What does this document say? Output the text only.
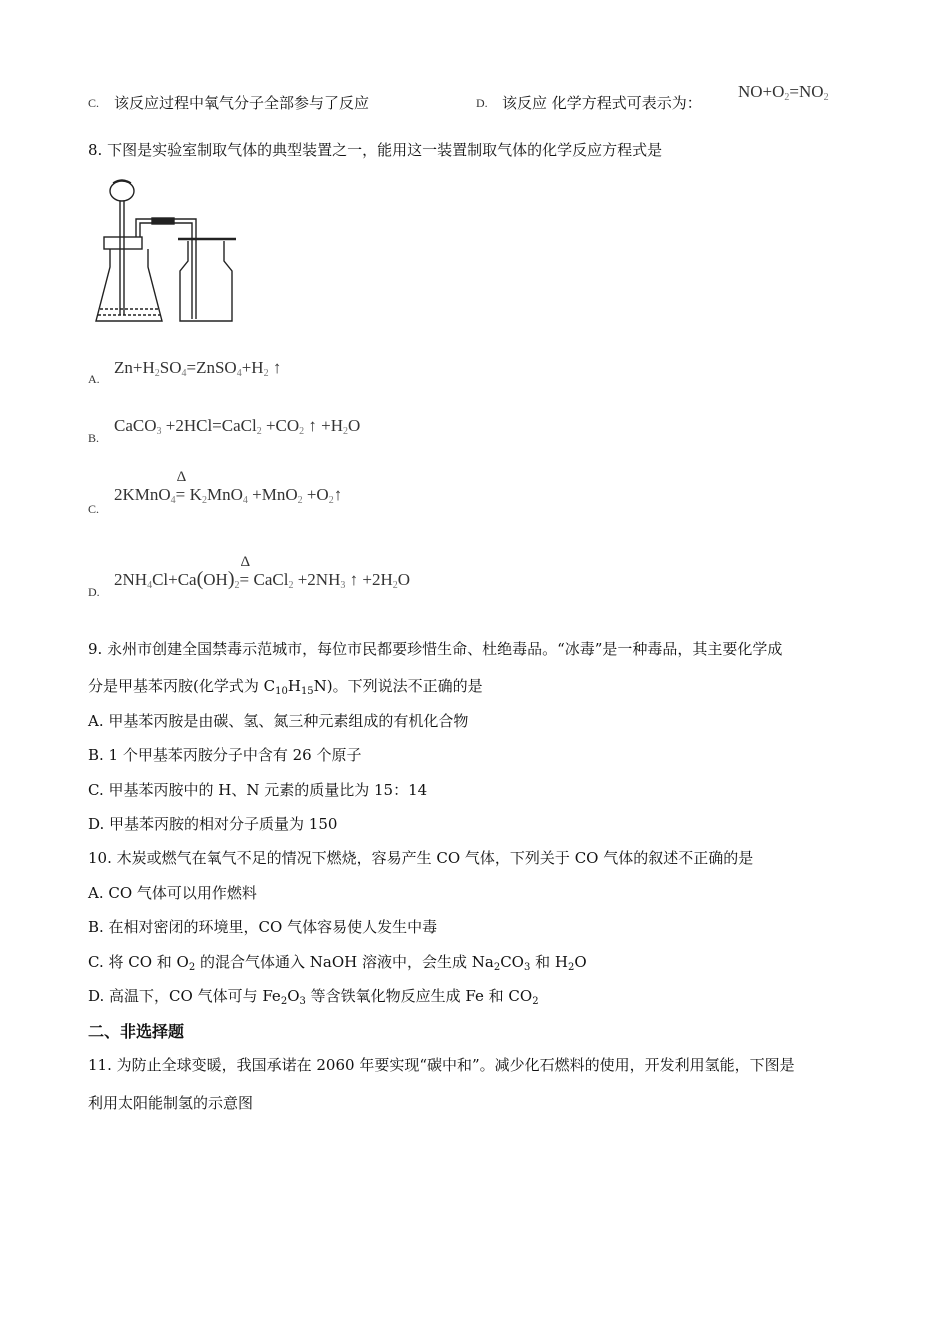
C. 该反应过程中氧气分子全部参与了反应	D. 该反应 化学方程式可表示为：
$NO+O_2=NO_2$
8. 下图是实验室制取气体的典型装置之一，能用这一装置制取气体的化学反应方程式是
A.
$Zn+H_2SO_4=ZnSO_4+H_2$ ↑
B.
CaCO$_3$ +2HCl=CaCl$_2$ $+CO_2$ ↑ $+H_2O$
C.
2KMnO$_4$
Δ
= $K_2MnO_4 +MnO_2$ $+O_2↑$
D.
$2NH_4Cl+Ca(OH)_2$
Δ
= CaCl$_2$ $+2NH_3$ ↑ $+2H_2O$
9. 永州市创建全国禁毒示范城市，每位市民都要珍惜生命、杜绝毒品。“冰毒”是一种毒品，其主要化学成
分是甲基苯丙胺(化学式为 $C_{10}H_{15}N$)。下列说法不正确的是
A. 甲基苯丙胺是由碳、氢、氮三种元素组成的有机化合物
B. 1 个甲基苯丙胺分子中含有 26 个原子
C. 甲基苯丙胺中的 H、N 元素的质量比为 15：14
D. 甲基苯丙胺的相对分子质量为 150
10. 木炭或燃气在氧气不足的情况下燃烧，容易产生 CO 气体，下列关于 CO 气体的叙述不正确的是
A. CO 气体可以用作燃料
B. 在相对密闭的环境里，CO 气体容易使人发生中毒
C. 将 CO 和 $O_2$ 的混合气体通入 NaOH 溶液中，会生成 $Na_2CO_3$ 和 $H_2O$
D. 高温下，CO 气体可与 $Fe_2O_3$ 等含铁氧化物反应生成 Fe 和 $CO_2$
二、非选择题
11. 为防止全球变暖，我国承诺在 2060 年要实现“碳中和”。减少化石燃料的使用，开发利用氢能，下图是
利用太阳能制氢的示意图
